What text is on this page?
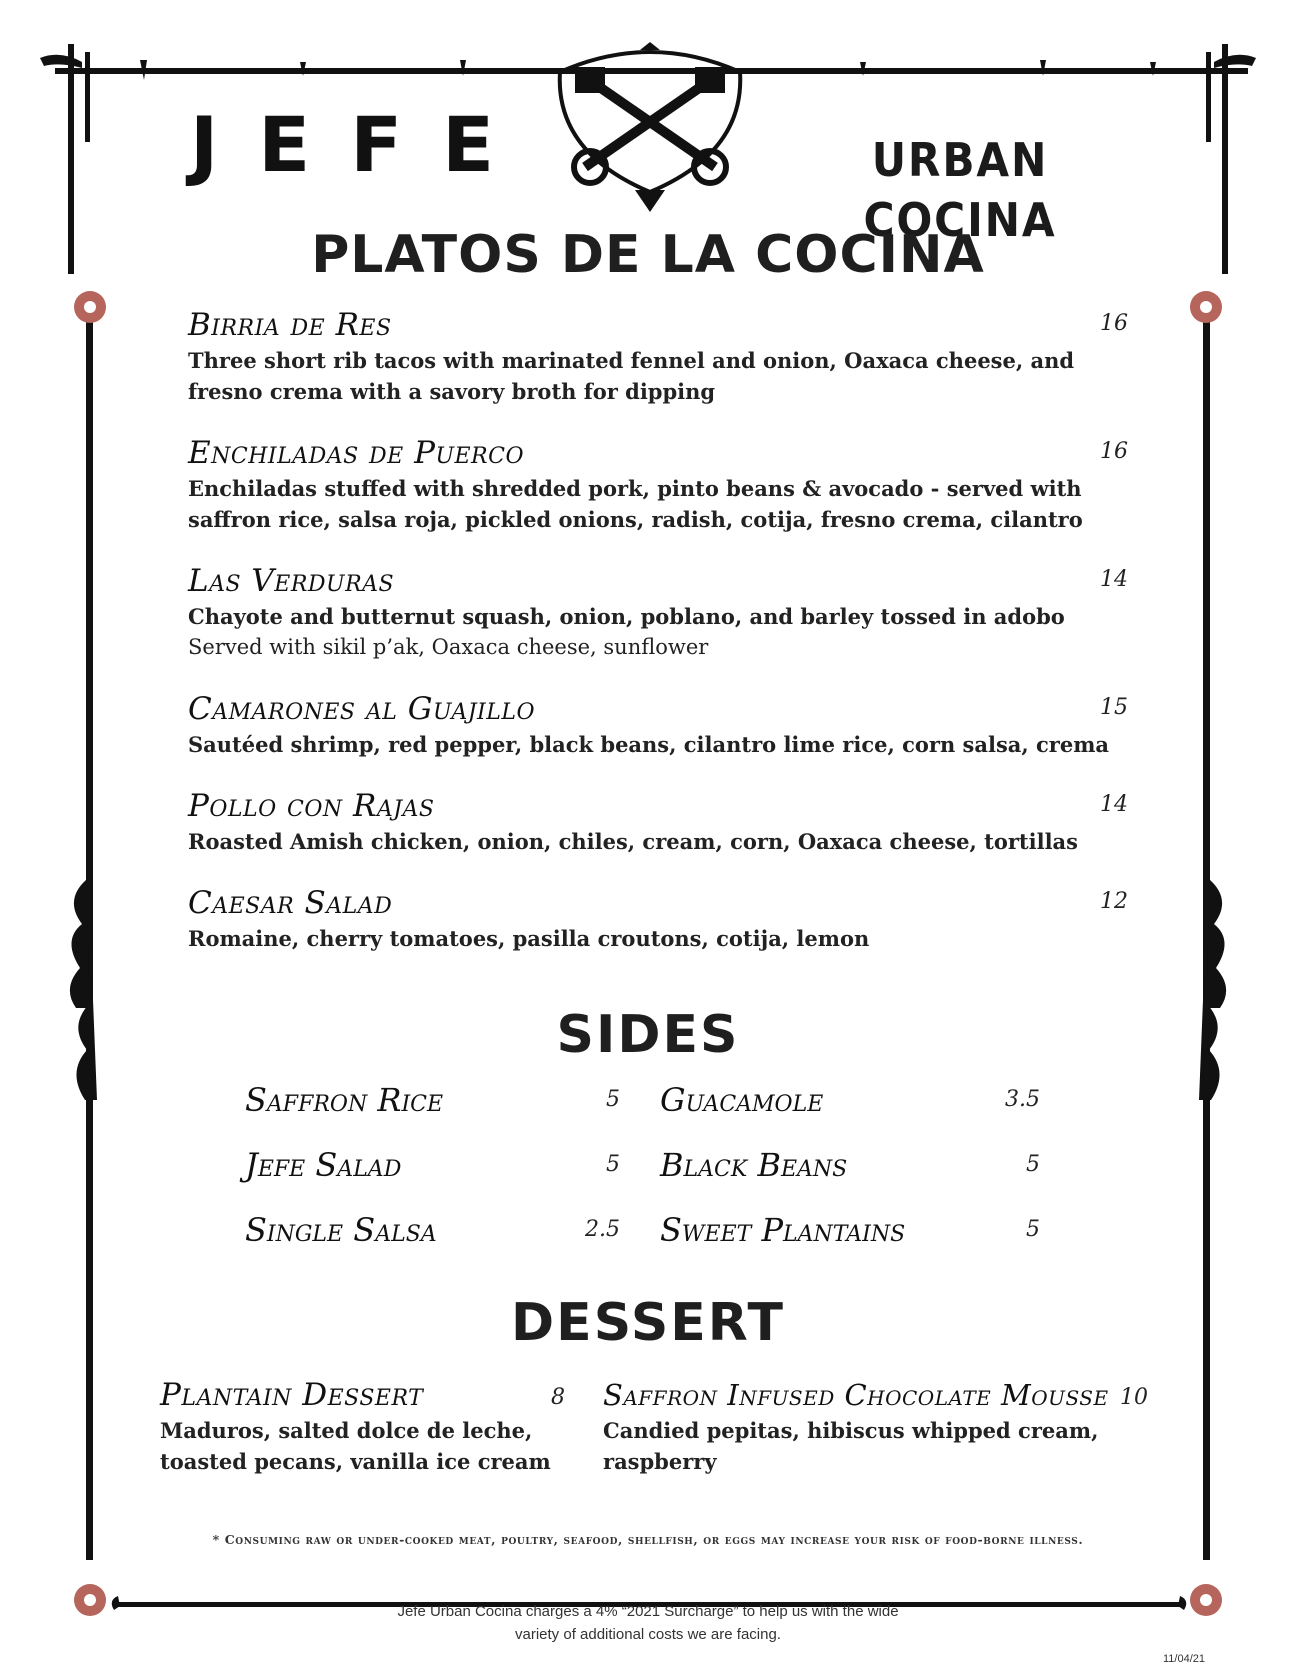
JEFE	URBAN COCINA
PLATOS DE LA COCINA
Birria de Res	16
Three short rib tacos with marinated fennel and onion, Oaxaca cheese, and
fresno crema with a savory broth for dipping
Enchiladas de Puerco	16
Enchiladas stuffed with shredded pork, pinto beans & avocado - served with
saffron rice, salsa roja, pickled onions, radish, cotija, fresno crema, cilantro
Las Verduras	14
Chayote and butternut squash, onion, poblano, and barley tossed in adobo
Served with sikil p’ak, Oaxaca cheese, sunflower
Camarones al Guajillo	15
Sautéed shrimp, red pepper, black beans, cilantro lime rice, corn salsa, crema
Pollo con Rajas	14
Roasted Amish chicken, onion, chiles, cream, corn, Oaxaca cheese, tortillas
Caesar Salad	12
Romaine, cherry tomatoes, pasilla croutons, cotija, lemon
SIDES
Saffron Rice	5 Guacamole	3.5
Jefe Salad	5 Black Beans	5
Single Salsa	2.5 Sweet Plantains	5
DESSERT
Plantain Dessert	8
Maduros, salted dolce de leche,
toasted pecans, vanilla ice cream
Saffron Infused Chocolate Mousse 10
Candied pepitas, hibiscus whipped cream,
raspberry
* Consuming raw or under-cooked meat, poultry, seafood, shellfish, or eggs may increase your risk of food-borne illness.
Jefe Urban Cocina charges a 4% “2021 Surcharge” to help us with the wide
variety of additional costs we are facing.
11/04/21
